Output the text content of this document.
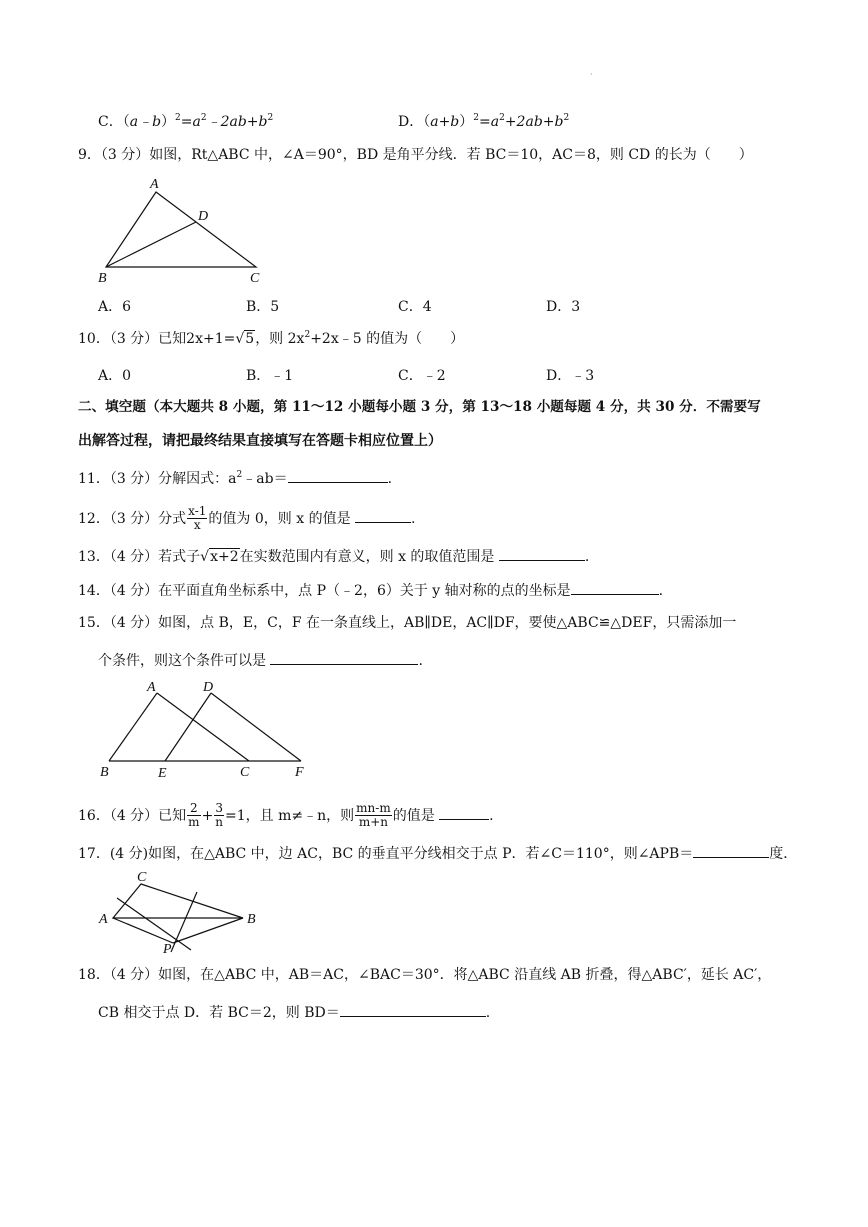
·
C．$(a﹣b)^2=a^2﹣2ab+b^2$	D．$(a+b)^2=a^2+2ab+b^2$
9．（3 分）如图，Rt△ABC 中，∠A＝90°，BD 是角平分线．若 BC＝10，AC＝8，则 CD 的长为（　　）
A
D
B	C
A．6	B．5	C．4	D．3
10．（3 分）已知2x+1=√5，则 $2x^2+2x﹣5$ 的值为（　　）
A．0	B．﹣1	C．﹣2	D．﹣3
二、填空题（本大题共 8 小题，第 11～12 小题每小题 3 分，第 13～18 小题每题 4 分，共 30 分．不需要写
出解答过程，请把最终结果直接填写在答题卡相应位置上）
11．（3 分）分解因式：$a^2﹣ab=$	.
12．（3 分）分式 $\frac{x-1}{x}$ 的值为 0，则 x 的值是	.
13．（4 分）若式子√x+2在实数范围内有意义，则 x 的取值范围是	.
14．（4 分）在平面直角坐标系中，点 P（﹣2，6）关于 y 轴对称的点的坐标是	.
15．（4 分）如图，点 B，E，C，F 在一条直线上，AB∥DE，AC∥DF，要使△ABC≌△DEF，只需添加一
个条件，则这个条件可以是	.
A	D
B	E	C	F
16．（4 分）已知 $\frac{2}{m} + \frac{3}{n} =1$，且 m≠﹣n，则 $\frac{mn-m}{m+n}$ 的值是	.
17．(4 分)如图，在△ABC 中，边 AC，BC 的垂直平分线相交于点 P．若∠C＝110°，则∠APB＝	度．
C
A	B
P
18．（4 分）如图，在△ABC 中，AB＝AC，∠BAC＝30°．将△ABC 沿直线 AB 折叠，得△ABC′，延长 AC′，
CB 相交于点 D．若 BC＝2，则 BD＝	.
